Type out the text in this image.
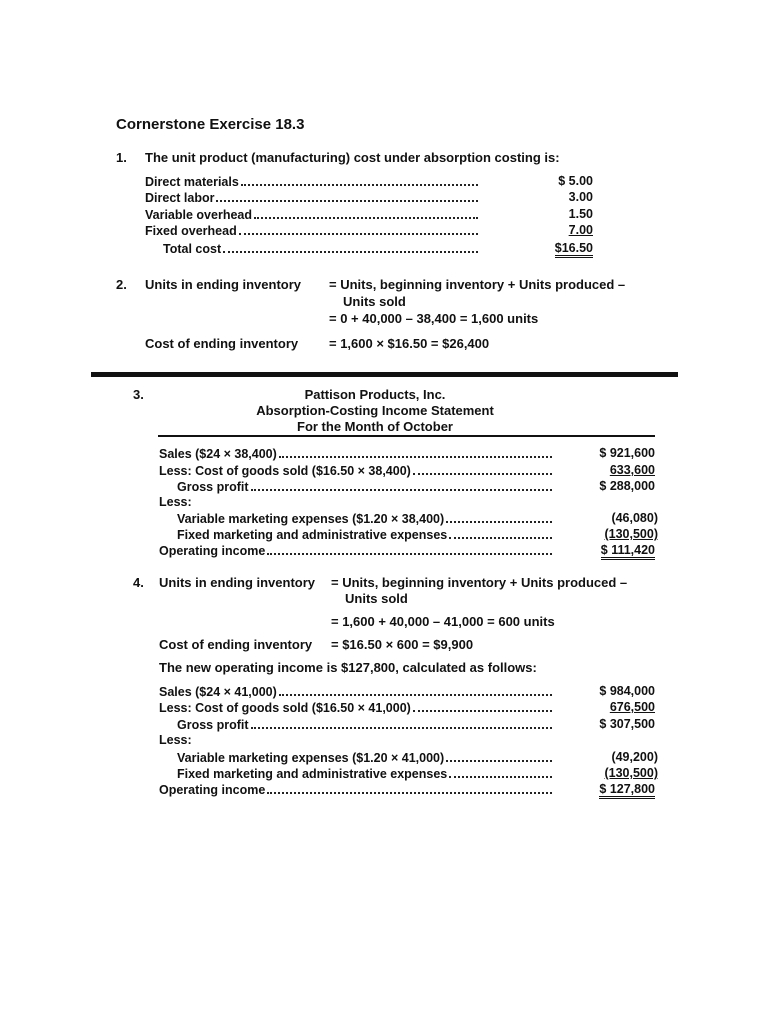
Cornerstone Exercise 18.3
1. The unit product (manufacturing) cost under absorption costing is:
Direct materials	$ 5.00
Direct labor	3.00
Variable overhead	1.50
Fixed overhead	7.00
Total cost	$16.50
2. Units in ending inventory = Units, beginning inventory + Units produced –
Units sold
= 0 + 40,000 – 38,400 = 1,600 units
Cost of ending inventory = 1,600 × $16.50 = $26,400
3.	Pattison Products, Inc.
Absorption-Costing Income Statement
For the Month of October
Sales ($24 × 38,400)	$ 921,600
Less: Cost of goods sold ($16.50 × 38,400)	633,600
Gross profit	$ 288,000
Less:
Variable marketing expenses ($1.20 × 38,400)	(46,080)
Fixed marketing and administrative expenses	(130,500)
Operating income	$ 111,420
4. Units in ending inventory = Units, beginning inventory + Units produced –
Units sold
= 1,600 + 40,000 – 41,000 = 600 units
Cost of ending inventory = $16.50 × 600 = $9,900
The new operating income is $127,800, calculated as follows:
Sales ($24 × 41,000)	$ 984,000
Less: Cost of goods sold ($16.50 × 41,000)	676,500
Gross profit	$ 307,500
Less:
Variable marketing expenses ($1.20 × 41,000)	(49,200)
Fixed marketing and administrative expenses	(130,500)
Operating income	$ 127,800
